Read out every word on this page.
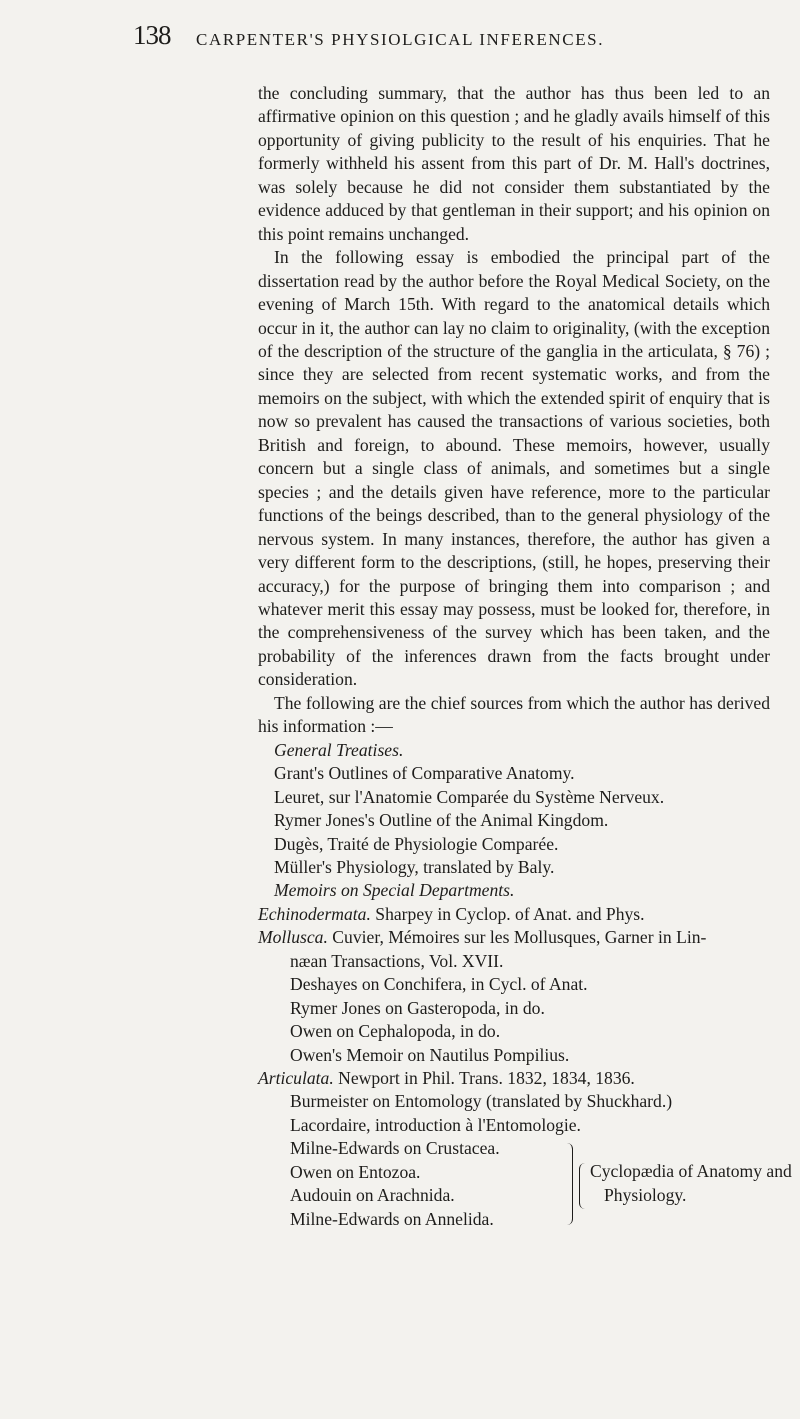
138 CARPENTER'S PHYSIOLGICAL INFERENCES.

the concluding summary, that the author has thus been led to an affirmative opinion on this question ; and he gladly avails himself of this opportunity of giving publicity to the result of his enquiries. That he formerly withheld his assent from this part of Dr. M. Hall's doctrines, was solely because he did not consider them substantiated by the evidence adduced by that gentleman in their support; and his opinion on this point remains unchanged.

In the following essay is embodied the principal part of the dissertation read by the author before the Royal Medical Society, on the evening of March 15th. With regard to the anatomical details which occur in it, the author can lay no claim to originality, (with the exception of the description of the structure of the ganglia in the articulata, § 76) ; since they are selected from recent systematic works, and from the memoirs on the subject, with which the extended spirit of enquiry that is now so prevalent has caused the transactions of various societies, both British and foreign, to abound. These memoirs, however, usually concern but a single class of animals, and sometimes but a single species ; and the details given have reference, more to the particular functions of the beings described, than to the general physiology of the nervous system. In many instances, therefore, the author has given a very different form to the descriptions, (still, he hopes, preserving their accuracy,) for the purpose of bringing them into comparison ; and whatever merit this essay may possess, must be looked for, therefore, in the comprehensiveness of the survey which has been taken, and the probability of the inferences drawn from the facts brought under consideration.

The following are the chief sources from which the author has derived his information :—

General Treatises.
Grant's Outlines of Comparative Anatomy.
Leuret, sur l'Anatomie Comparée du Système Nerveux.
Rymer Jones's Outline of the Animal Kingdom.
Dugès, Traité de Physiologie Comparée.
Müller's Physiology, translated by Baly.
Memoirs on Special Departments.
Echinodermata. Sharpey in Cyclop. of Anat. and Phys.
Mollusca. Cuvier, Mémoires sur les Mollusques, Garner in Lin-
næan Transactions, Vol. XVII.
Deshayes on Conchifera, in Cycl. of Anat.
Rymer Jones on Gasteropoda, in do.
Owen on Cephalopoda, in do.
Owen's Memoir on Nautilus Pompilius.
Articulata. Newport in Phil. Trans. 1832, 1834, 1836.
Burmeister on Entomology (translated by Shuckhard.)
Lacordaire, introduction à l'Entomologie.
Milne-Edwards on Crustacea.
Owen on Entozoa.
Audouin on Arachnida.
Milne-Edwards on Annelida.
Cyclopædia of Anatomy and
Physiology.
